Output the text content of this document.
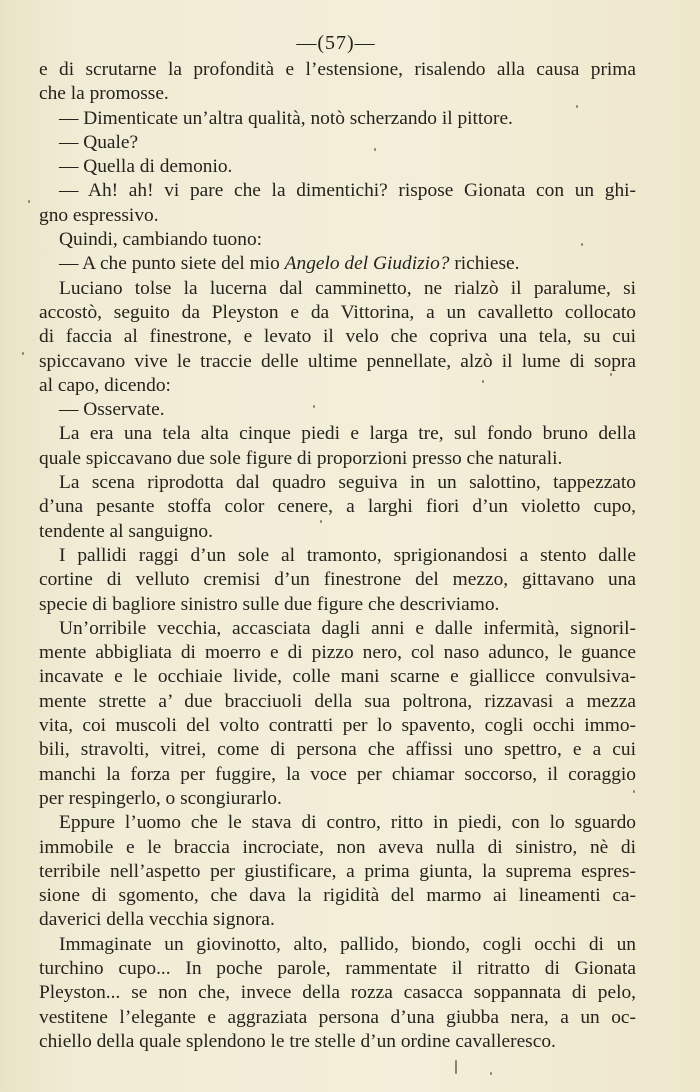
—(57)—
e di scrutarne la profondità e l’estensione, risalendo alla causa prima
che la promosse.
— Dimenticate un’altra qualità, notò scherzando il pittore.
— Quale?
— Quella di demonio.
— Ah! ah! vi pare che la dimentichi? rispose Gionata con un ghi-
gno espressivo.
Quindi, cambiando tuono:
— A che punto siete del mio Angelo del Giudizio? richiese.
Luciano tolse la lucerna dal camminetto, ne rialzò il paralume, si
accostò, seguito da Pleyston e da Vittorina, a un cavalletto collocato
di faccia al finestrone, e levato il velo che copriva una tela, su cui
spiccavano vive le traccie delle ultime pennellate, alzò il lume di sopra
al capo, dicendo:
— Osservate.
La era una tela alta cinque piedi e larga tre, sul fondo bruno della
quale spiccavano due sole figure di proporzioni presso che naturali.
La scena riprodotta dal quadro seguiva in un salottino, tappezzato
d’una pesante stoffa color cenere, a larghi fiori d’un violetto cupo,
tendente al sanguigno.
I pallidi raggi d’un sole al tramonto, sprigionandosi a stento dalle
cortine di velluto cremisi d’un finestrone del mezzo, gittavano una
specie di bagliore sinistro sulle due figure che descriviamo.
Un’orribile vecchia, accasciata dagli anni e dalle infermità, signoril-
mente abbigliata di moerro e di pizzo nero, col naso adunco, le guance
incavate e le occhiaie livide, colle mani scarne e giallicce convulsiva-
mente strette a’ due bracciuoli della sua poltrona, rizzavasi a mezza
vita, coi muscoli del volto contratti per lo spavento, cogli occhi immo-
bili, stravolti, vitrei, come di persona che affissi uno spettro, e a cui
manchi la forza per fuggire, la voce per chiamar soccorso, il coraggio
per respingerlo, o scongiurarlo.
Eppure l’uomo che le stava di contro, ritto in piedi, con lo sguardo
immobile e le braccia incrociate, non aveva nulla di sinistro, nè di
terribile nell’aspetto per giustificare, a prima giunta, la suprema espres-
sione di sgomento, che dava la rigidità del marmo ai lineamenti ca-
daverici della vecchia signora.
Immaginate un giovinotto, alto, pallido, biondo, cogli occhi di un
turchino cupo... In poche parole, rammentate il ritratto di Gionata
Pleyston... se non che, invece della rozza casacca soppannata di pelo,
vestitene l’elegante e aggraziata persona d’una giubba nera, a un oc-
chiello della quale splendono le tre stelle d’un ordine cavalleresco.
